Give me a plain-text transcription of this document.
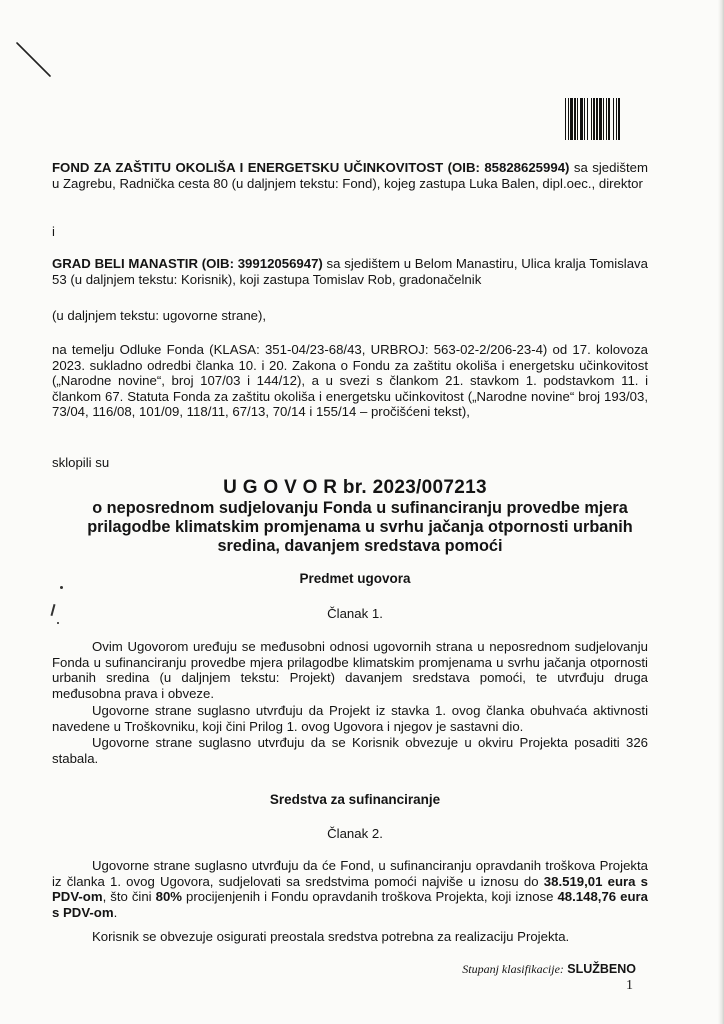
FOND ZA ZAŠTITU OKOLIŠA I ENERGETSKU UČINKOVITOST (OIB: 85828625994) sa sjedištem u Zagrebu, Radnička cesta 80 (u daljnjem tekstu: Fond), kojeg zastupa Luka Balen, dipl.oec., direktor
i
GRAD BELI MANASTIR (OIB: 39912056947) sa sjedištem u Belom Manastiru, Ulica kralja Tomislava 53 (u daljnjem tekstu: Korisnik), koji zastupa Tomislav Rob, gradonačelnik
(u daljnjem tekstu: ugovorne strane),
na temelju Odluke Fonda (KLASA: 351-04/23-68/43, URBROJ: 563-02-2/206-23-4) od 17. kolovoza 2023. sukladno odredbi članka 10. i 20. Zakona o Fondu za zaštitu okoliša i energetsku učinkovitost („Narodne novine“, broj 107/03 i 144/12), a u svezi s člankom 21. stavkom 1. podstavkom 11. i člankom 67. Statuta Fonda za zaštitu okoliša i energetsku učinkovitost („Narodne novine“ broj 193/03, 73/04, 116/08, 101/09, 118/11, 67/13, 70/14 i 155/14 – pročišćeni tekst),
sklopili su
U G O V O R br. 2023/007213
o neposrednom sudjelovanju Fonda u sufinanciranju provedbe mjera prilagodbe klimatskim promjenama u svrhu jačanja otpornosti urbanih sredina, davanjem sredstava pomoći
Predmet ugovora
Članak 1.
Ovim Ugovorom uređuju se međusobni odnosi ugovornih strana u neposrednom sudjelovanju Fonda u sufinanciranju provedbe mjera prilagodbe klimatskim promjenama u svrhu jačanja otpornosti urbanih sredina (u daljnjem tekstu: Projekt) davanjem sredstava pomoći, te utvrđuju druga međusobna prava i obveze.
Ugovorne strane suglasno utvrđuju da Projekt iz stavka 1. ovog članka obuhvaća aktivnosti navedene u Troškovniku, koji čini Prilog 1. ovog Ugovora i njegov je sastavni dio.
Ugovorne strane suglasno utvrđuju da se Korisnik obvezuje u okviru Projekta posaditi 326 stabala.
Sredstva za sufinanciranje
Članak 2.
Ugovorne strane suglasno utvrđuju da će Fond, u sufinanciranju opravdanih troškova Projekta iz članka 1. ovog Ugovora, sudjelovati sa sredstvima pomoći najviše u iznosu do 38.519,01 eura s PDV-om, što čini 80% procijenjenih i Fondu opravdanih troškova Projekta, koji iznose 48.148,76 eura s PDV-om.
Korisnik se obvezuje osigurati preostala sredstva potrebna za realizaciju Projekta.
Stupanj klasifikacije: SLUŽBENO
1
